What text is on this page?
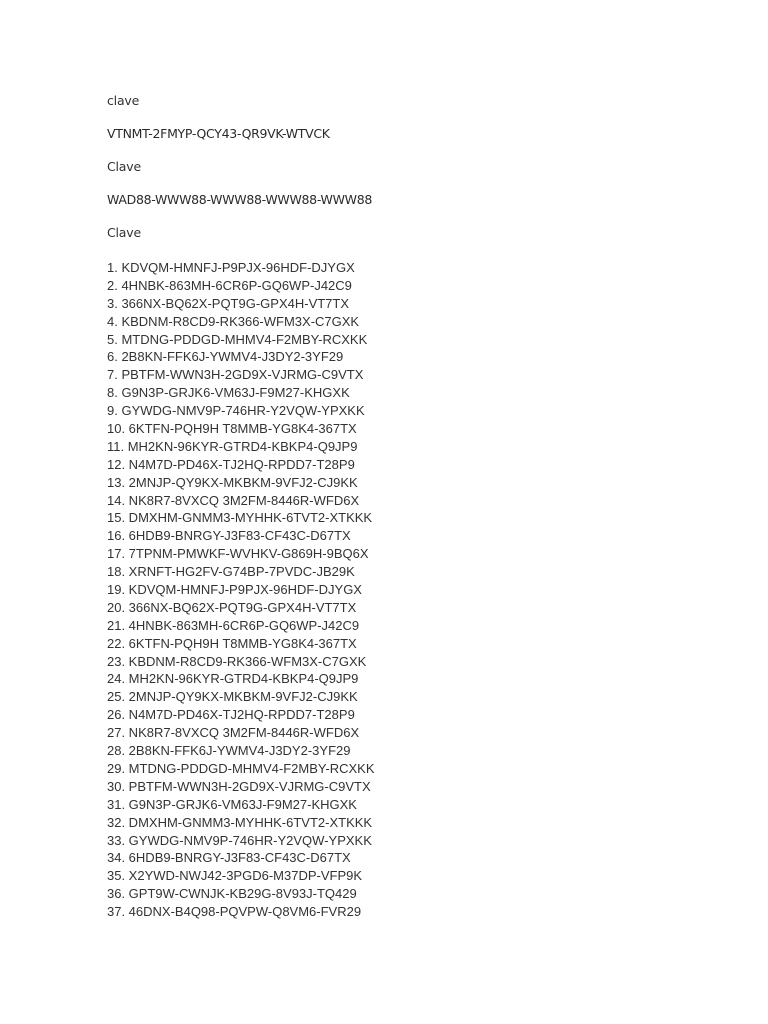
clave

VTNMT-2FMYP-QCY43-QR9VK-WTVCK

Clave

WAD88-WWW88-WWW88-WWW88-WWW88

Clave

1. KDVQM-HMNFJ-P9PJX-96HDF-DJYGX
2. 4HNBK-863MH-6CR6P-GQ6WP-J42C9
3. 366NX-BQ62X-PQT9G-GPX4H-VT7TX
4. KBDNM-R8CD9-RK366-WFM3X-C7GXK
5. MTDNG-PDDGD-MHMV4-F2MBY-RCXKK
6. 2B8KN-FFK6J-YWMV4-J3DY2-3YF29
7. PBTFM-WWN3H-2GD9X-VJRMG-C9VTX
8. G9N3P-GRJK6-VM63J-F9M27-KHGXK
9. GYWDG-NMV9P-746HR-Y2VQW-YPXKK
10. 6KTFN-PQH9H T8MMB-YG8K4-367TX
11. MH2KN-96KYR-GTRD4-KBKP4-Q9JP9
12. N4M7D-PD46X-TJ2HQ-RPDD7-T28P9
13. 2MNJP-QY9KX-MKBKM-9VFJ2-CJ9KK
14. NK8R7-8VXCQ 3M2FM-8446R-WFD6X
15. DMXHM-GNMM3-MYHHK-6TVT2-XTKKK
16. 6HDB9-BNRGY-J3F83-CF43C-D67TX
17. 7TPNM-PMWKF-WVHKV-G869H-9BQ6X
18. XRNFT-HG2FV-G74BP-7PVDC-JB29K
19. KDVQM-HMNFJ-P9PJX-96HDF-DJYGX
20. 366NX-BQ62X-PQT9G-GPX4H-VT7TX
21. 4HNBK-863MH-6CR6P-GQ6WP-J42C9
22. 6KTFN-PQH9H T8MMB-YG8K4-367TX
23. KBDNM-R8CD9-RK366-WFM3X-C7GXK
24. MH2KN-96KYR-GTRD4-KBKP4-Q9JP9
25. 2MNJP-QY9KX-MKBKM-9VFJ2-CJ9KK
26. N4M7D-PD46X-TJ2HQ-RPDD7-T28P9
27. NK8R7-8VXCQ 3M2FM-8446R-WFD6X
28. 2B8KN-FFK6J-YWMV4-J3DY2-3YF29
29. MTDNG-PDDGD-MHMV4-F2MBY-RCXKK
30. PBTFM-WWN3H-2GD9X-VJRMG-C9VTX
31. G9N3P-GRJK6-VM63J-F9M27-KHGXK
32. DMXHM-GNMM3-MYHHK-6TVT2-XTKKK
33. GYWDG-NMV9P-746HR-Y2VQW-YPXKK
34. 6HDB9-BNRGY-J3F83-CF43C-D67TX
35. X2YWD-NWJ42-3PGD6-M37DP-VFP9K
36. GPT9W-CWNJK-KB29G-8V93J-TQ429
37. 46DNX-B4Q98-PQVPW-Q8VM6-FVR29
